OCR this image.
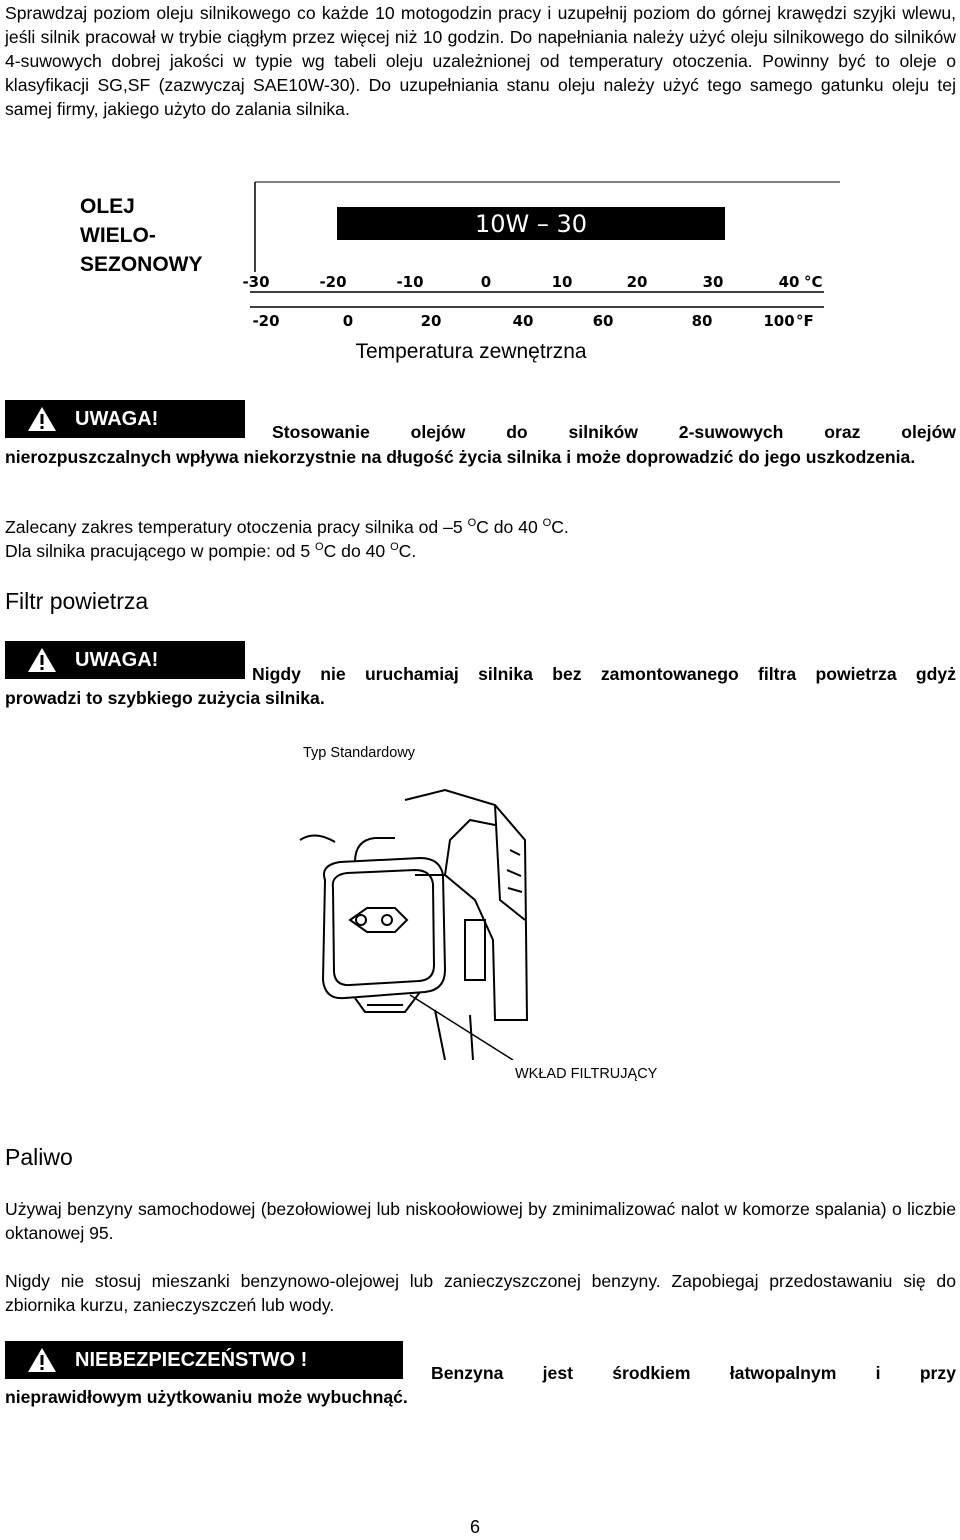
Sprawdzaj poziom oleju silnikowego co każde 10 motogodzin pracy i uzupełnij poziom do górnej krawędzi szyjki wlewu, jeśli silnik pracował w trybie ciągłym przez więcej niż 10 godzin. Do napełniania należy użyć oleju silnikowego do silników 4-suwowych dobrej jakości w typie wg tabeli oleju uzależnionej od temperatury otoczenia. Powinny być to oleje o klasyfikacji SG,SF (zazwyczaj SAE10W-30). Do uzupełniania stanu oleju należy użyć tego samego gatunku oleju tej samej firmy, jakiego użyto do zalania silnika.

OLEJ
WIELO-
SEZONOWY
10W – 30
-30	-20	-10	0	10	20	30	40 °C
-20	0	20	40	60	80	100 °F
Temperatura zewnętrzna
UWAGA!

Stosowanie olejów do silników 2-suwowych oraz olejów

nierozpuszczalnych wpływa niekorzystnie na długość życia silnika i może doprowadzić do jego uszkodzenia.

Zalecany zakres temperatury otoczenia pracy silnika od –5 $^O$C do 40 $^O$C.
Dla silnika pracującego w pompie: od 5 $^O$C do 40 $^O$C.
Filtr powietrza
UWAGA!

Nigdy nie uruchamiaj silnika bez zamontowanego filtra powietrza gdyż

prowadzi to szybkiego zużycia silnika.

Typ Standardowy
WKŁAD FILTRUJĄCY
Paliwo

Używaj benzyny samochodowej (bezołowiowej lub niskoołowiowej by zminimalizować nalot w komorze spalania) o liczbie oktanowej 95.

Nigdy nie stosuj mieszanki benzynowo-olejowej lub zanieczyszczonej benzyny. Zapobiegaj przedostawaniu się do zbiornika kurzu, zanieczyszczeń lub wody.

NIEBEZPIECZEŃSTWO !

Benzyna jest środkiem łatwopalnym i przy

nieprawidłowym użytkowaniu może wybuchnąć.

6
